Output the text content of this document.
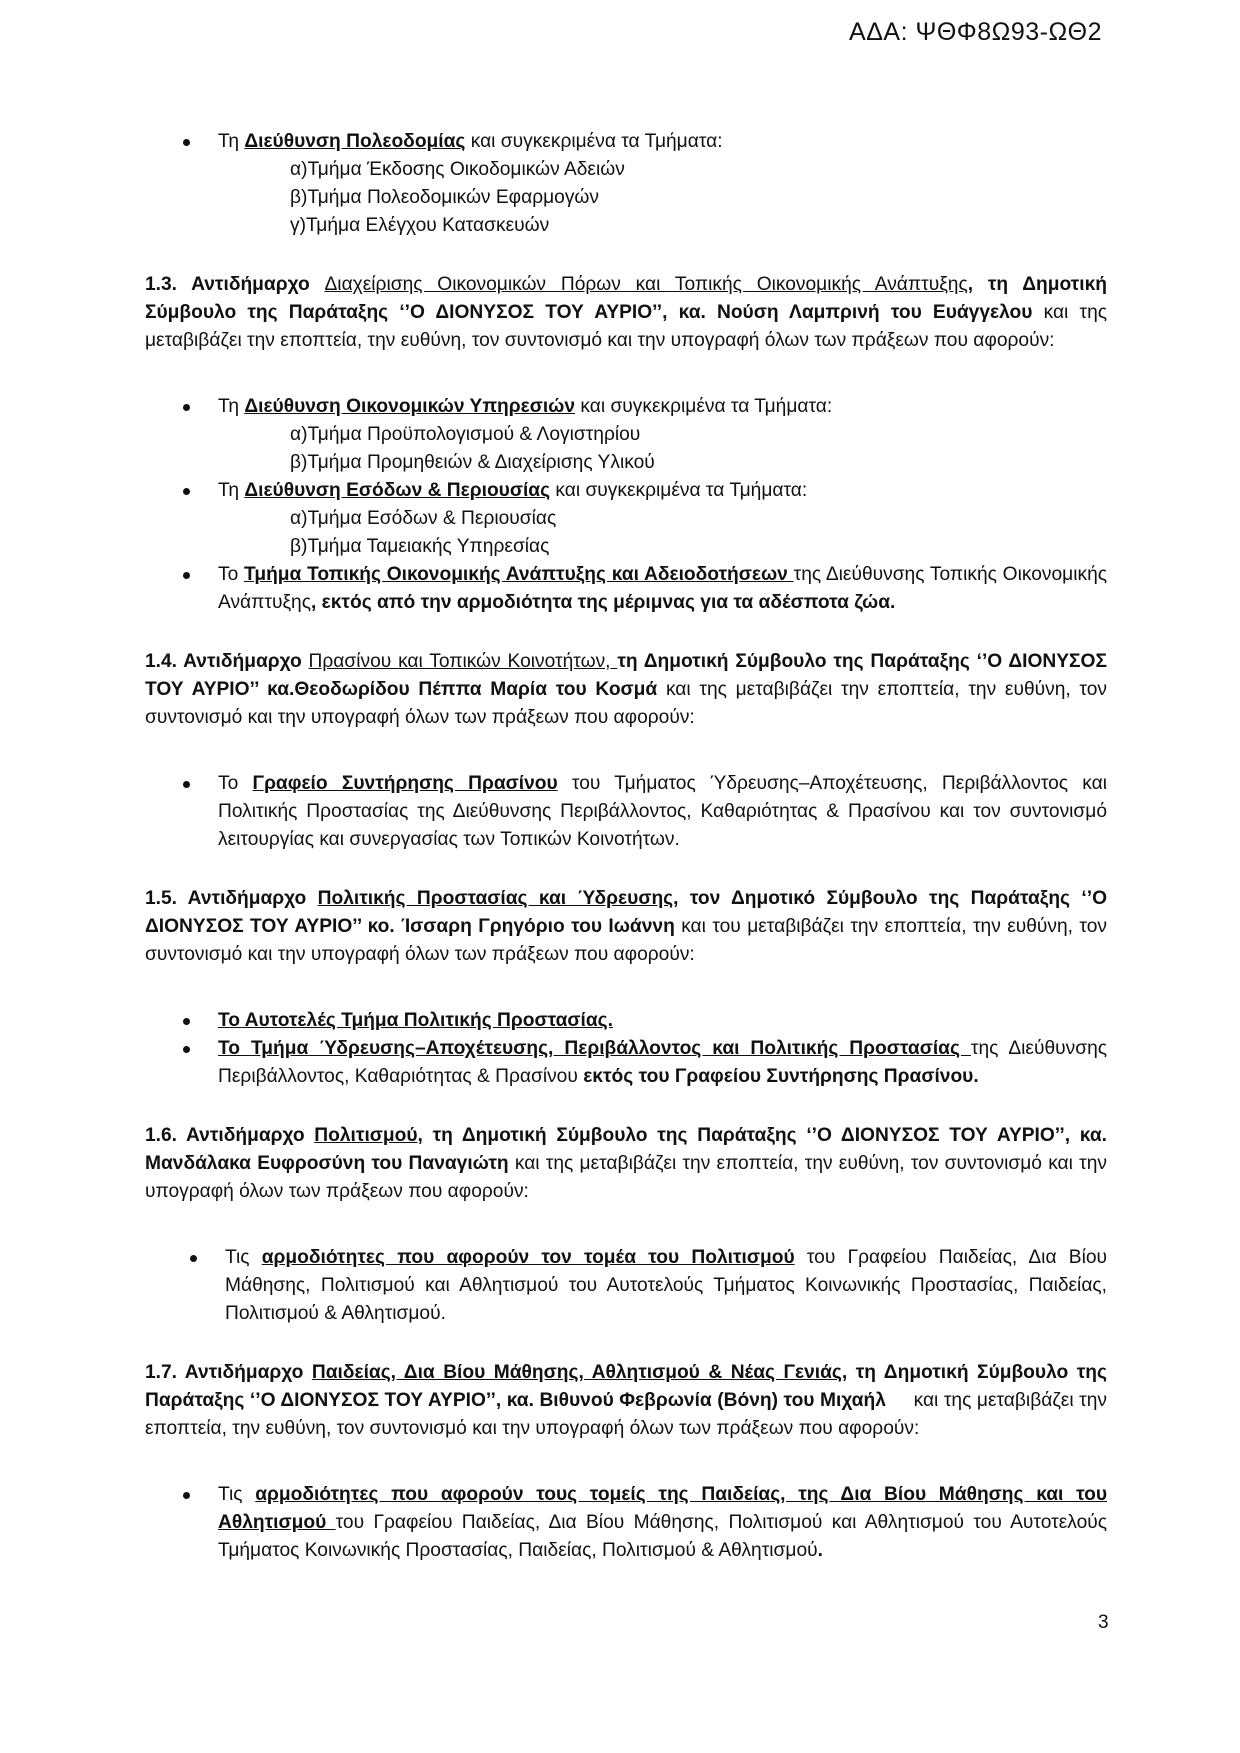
ΑΔΑ: ΨΘΦ8Ω93-ΩΘ2
Τη Διεύθυνση Πολεοδομίας και συγκεκριμένα τα Τμήματα:

α)Τμήμα Έκδοσης Οικοδομικών Αδειών

β)Τμήμα Πολεοδομικών Εφαρμογών

γ)Τμήμα Ελέγχου Κατασκευών

1.3. Αντιδήμαρχο Διαχείρισης Οικονομικών Πόρων και Τοπικής Οικονομικής Ανάπτυξης, τη Δημοτική Σύμβουλο της Παράταξης ‘’Ο ΔΙΟΝΥΣΟΣ ΤΟΥ ΑΥΡΙΟ’’, κα. Νούση Λαμπρινή του Ευάγγελου και της μεταβιβάζει την εποπτεία, την ευθύνη, τον συντονισμό και την υπογραφή όλων των πράξεων που αφορούν:

Τη Διεύθυνση Οικονομικών Υπηρεσιών και συγκεκριμένα τα Τμήματα:

α)Τμήμα Προϋπολογισμού & Λογιστηρίου

β)Τμήμα Προμηθειών & Διαχείρισης Υλικού

Τη Διεύθυνση Εσόδων & Περιουσίας και συγκεκριμένα τα Τμήματα:

α)Τμήμα Εσόδων & Περιουσίας

β)Τμήμα Ταμειακής Υπηρεσίας

Το Τμήμα Τοπικής Οικονομικής Ανάπτυξης και Αδειοδοτήσεων της Διεύθυνσης Τοπικής Οικονομικής Ανάπτυξης, εκτός από την αρμοδιότητα της μέριμνας για τα αδέσποτα ζώα.

1.4. Αντιδήμαρχο Πρασίνου και Τοπικών Κοινοτήτων, τη Δημοτική Σύμβουλο της Παράταξης ‘’Ο ΔΙΟΝΥΣΟΣ ΤΟΥ ΑΥΡΙΟ’’ κα.Θεοδωρίδου Πέππα Μαρία του Κοσμά και της μεταβιβάζει την εποπτεία, την ευθύνη, τον συντονισμό και την υπογραφή όλων των πράξεων που αφορούν:

Το Γραφείο Συντήρησης Πρασίνου του Τμήματος Ύδρευσης–Αποχέτευσης, Περιβάλλοντος και Πολιτικής Προστασίας της Διεύθυνσης Περιβάλλοντος, Καθαριότητας & Πρασίνου και τον συντονισμό λειτουργίας και συνεργασίας των Τοπικών Κοινοτήτων.

1.5. Αντιδήμαρχο Πολιτικής Προστασίας και Ύδρευσης, τον Δημοτικό Σύμβουλο της Παράταξης ‘’Ο ΔΙΟΝΥΣΟΣ ΤΟΥ ΑΥΡΙΟ’’ κο. Ίσσαρη Γρηγόριο του Ιωάννη και του μεταβιβάζει την εποπτεία, την ευθύνη, τον συντονισμό και την υπογραφή όλων των πράξεων που αφορούν:

Το Αυτοτελές Τμήμα Πολιτικής Προστασίας.
Το Τμήμα Ύδρευσης–Αποχέτευσης, Περιβάλλοντος και Πολιτικής Προστασίας της Διεύθυνσης Περιβάλλοντος, Καθαριότητας & Πρασίνου εκτός του Γραφείου Συντήρησης Πρασίνου.

1.6. Αντιδήμαρχο Πολιτισμού, τη Δημοτική Σύμβουλο της Παράταξης ‘’Ο ΔΙΟΝΥΣΟΣ ΤΟΥ ΑΥΡΙΟ’’, κα. Μανδάλακα Ευφροσύνη του Παναγιώτη και της μεταβιβάζει την εποπτεία, την ευθύνη, τον συντονισμό και την υπογραφή όλων των πράξεων που αφορούν:

Τις αρμοδιότητες που αφορούν τον τομέα του Πολιτισμού του Γραφείου Παιδείας, Δια Βίου Μάθησης, Πολιτισμού και Αθλητισμού του Αυτοτελούς Τμήματος Κοινωνικής Προστασίας, Παιδείας, Πολιτισμού & Αθλητισμού.

1.7. Αντιδήμαρχο Παιδείας, Δια Βίου Μάθησης, Αθλητισμού & Νέας Γενιάς, τη Δημοτική Σύμβουλο της Παράταξης ‘’Ο ΔΙΟΝΥΣΟΣ ΤΟΥ ΑΥΡΙΟ’’, κα. Βιθυνού Φεβρωνία (Βόνη) του Μιχαήλ     και της μεταβιβάζει την εποπτεία, την ευθύνη, τον συντονισμό και την υπογραφή όλων των πράξεων που αφορούν:

Τις αρμοδιότητες που αφορούν τους τομείς της Παιδείας, της Δια Βίου Μάθησης και του Αθλητισμού του Γραφείου Παιδείας, Δια Βίου Μάθησης, Πολιτισμού και Αθλητισμού του Αυτοτελούς Τμήματος Κοινωνικής Προστασίας, Παιδείας, Πολιτισμού & Αθλητισμού.
3
